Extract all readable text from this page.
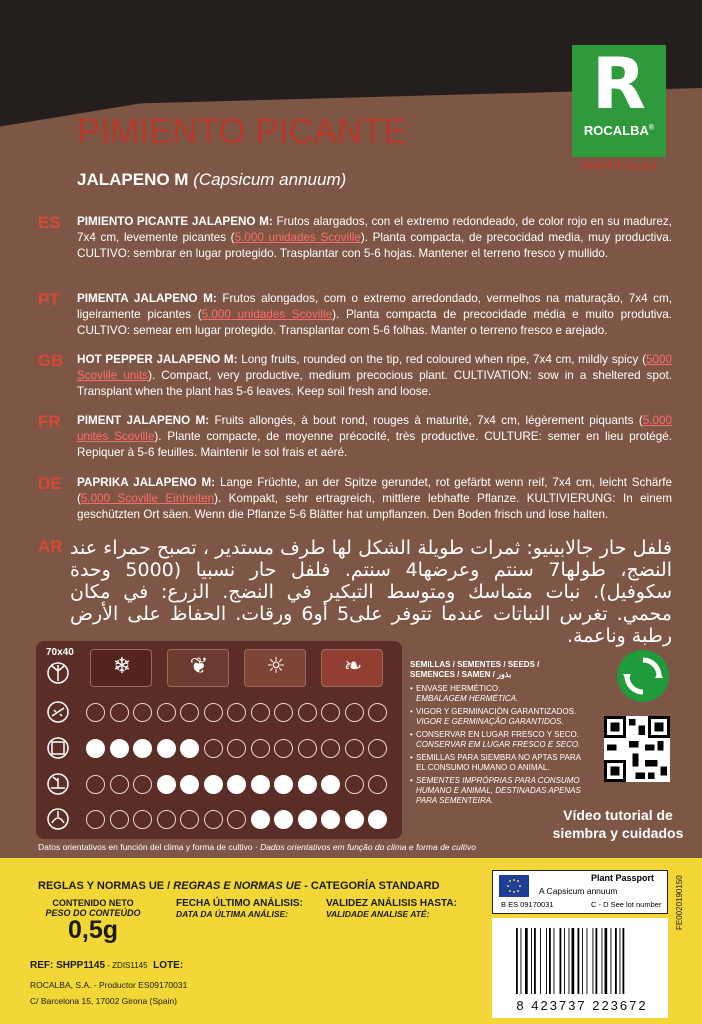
R
ROCALBA®
HORTÍCOLAS
PIMIENTO PICANTE
JALAPENO M (Capsicum annuum)
ES PIMIENTO PICANTE JALAPENO M: Frutos alargados, con el extremo redondeado, de color rojo en su madurez, 7x4 cm, levemente picantes (5.000 unidades Scoville). Planta compacta, de precocidad media, muy productiva. CULTIVO: sembrar en lugar protegido. Trasplantar con 5-6 hojas. Mantener el terreno fresco y mullido.
PT PIMENTA JALAPENO M: Frutos alongados, com o extremo arredondado, vermelhos na maturação, 7x4 cm, ligeiramente picantes (5.000 unidades Scoville). Planta compacta de precocidade média e muito produtiva. CULTIVO: semear em lugar protegido. Transplantar com 5-6 folhas. Manter o terreno fresco e arejado.
GB HOT PEPPER JALAPENO M: Long fruits, rounded on the tip, red coloured when ripe, 7x4 cm, mildly spicy (5000 Scoville units). Compact, very productive, medium precocious plant. CULTIVATION: sow in a sheltered spot. Transplant when the plant has 5-6 leaves. Keep soil fresh and loose.
FR PIMENT JALAPENO M: Fruits allongés, à bout rond, rouges à maturité, 7x4 cm, légèrement piquants (5.000 unités Scoville). Plante compacte, de moyenne précocité, très productive. CULTURE: semer en lieu protégé. Repiquer à 5-6 feuilles. Maintenir le sol frais et aéré.
DE PAPRIKA JALAPENO M: Lange Früchte, an der Spitze gerundet, rot gefärbt wenn reif, 7x4 cm, leicht Schärfe (5.000 Scoville Einheiten). Kompakt, sehr ertragreich, mittlere lebhafte Pflanze. KULTIVIERUNG: In einem geschützten Ort säen. Wenn die Pflanze 5-6 Blätter hat umpflanzen. Den Boden frisch und lose halten.
AR فلفل حار جالابينيو: ثمرات طويلة الشكل لها طرف مستدير ، تصبح حمراء عند النضج، طولها7 سنتم وعرضها4 سنتم. فلفل حار نسبيا (5000 وحدة سكوفيل). نبات متماسك ومتوسط التبكير في النضج. الزرع: في مكان محمي. تغرس النباتات عندما تتوفر على5 أو6 ورقات. الحفاظ على الأرض رطبة وناعمة.
70x40
❄	❦	☼	❧	SEMILLAS / SEMENTES / SEEDS / SEMENCES / SAMEN / بذور
• ENVASE HERMÉTICO.
EMBALAGEM HERMÉTICA.
• VIGOR Y GERMINACIÓN GARANTIZADOS.
VIGOR E GERMINAÇÃO GARANTIDOS.
• CONSERVAR EN LUGAR FRESCO Y SECO.
CONSERVAR EM LUGAR FRESCO E SECO.
• SEMILLAS PARA SIEMBRA NO APTAS PARA EL CONSUMO HUMANO O ANIMAL.
• SEMENTES IMPRÓPRIAS PARA CONSUMO HUMANO E ANIMAL, DESTINADAS APENAS PARA SEMENTEIRA.
Vídeo tutorial de siembra y cuidados
Datos orientativos en función del clima y forma de cultivo · Dados orientativos em função do clima e forma de cultivo
REGLAS Y NORMAS UE / REGRAS E NORMAS UE - CATEGORÍA STANDARD
CONTENIDO NETO
PESO DO CONTEÚDO
0,5g
FECHA ÚLTIMO ANÁLISIS:
DATA DA ÚLTIMA ANÁLISE:
VALIDEZ ANÁLISIS HASTA:
VALIDADE ANALISE ATÉ:
REF: SHPP1145 - ZDIS1145 LOTE:
ROCALBA, S.A. - Productor ES09170031
C/ Barcelona 15, 17002 Girona (Spain)
Plant Passport
A Capsicum annuum
B ES 09170031	C - D See lot number
8 423737 223672
FE0020190150
